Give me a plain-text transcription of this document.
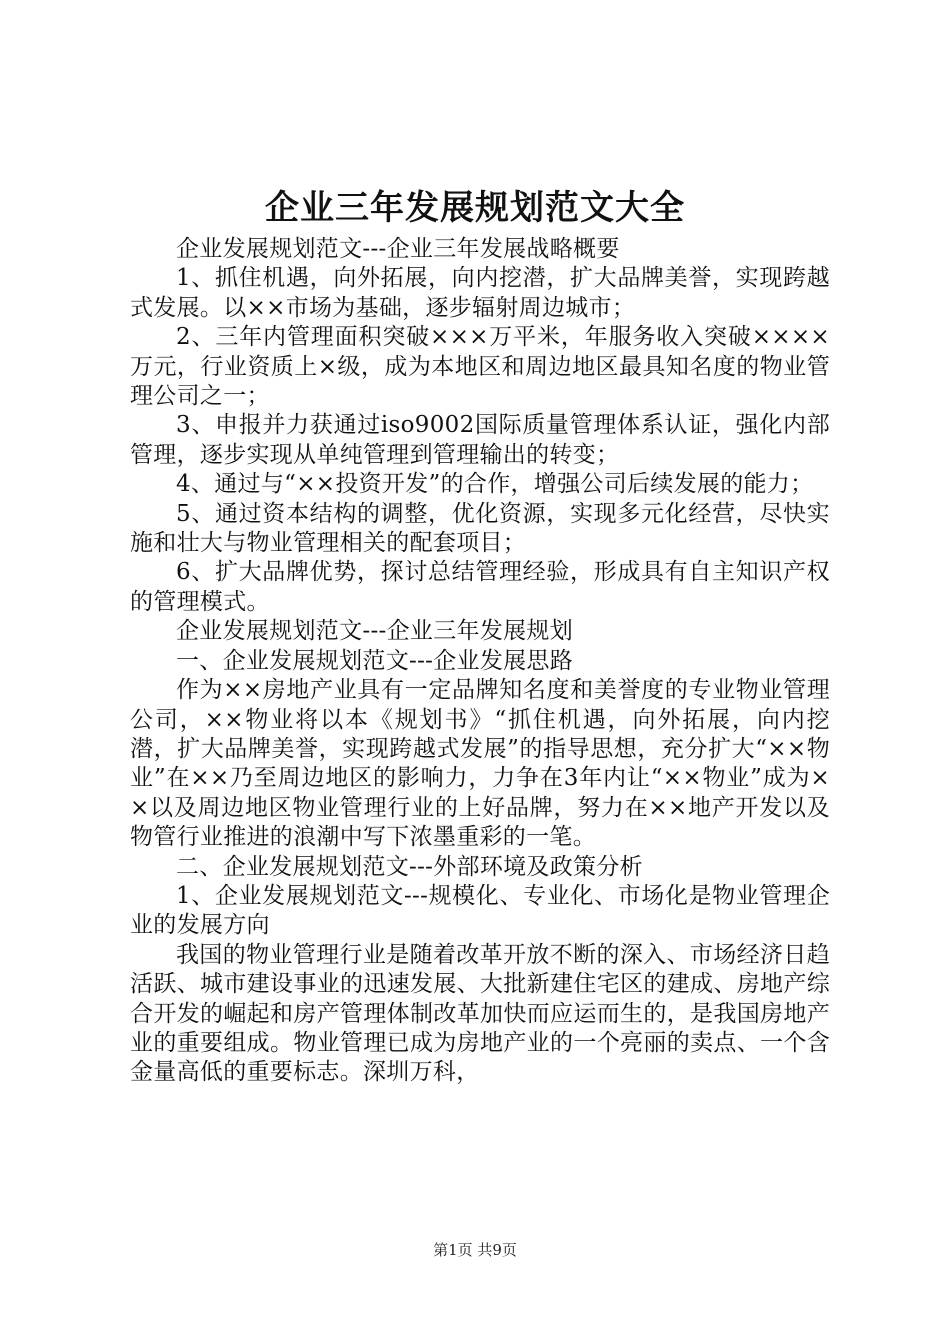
企业三年发展规划范文大全

企业发展规划范文---企业三年发展战略概要

1、抓住机遇，向外拓展，向内挖潜，扩大品牌美誉，实现跨越式发展。以××市场为基础，逐步辐射周边城市；

2、三年内管理面积突破×××万平米，年服务收入突破××××万元，行业资质上×级，成为本地区和周边地区最具知名度的物业管理公司之一；

3、申报并力获通过iso9002国际质量管理体系认证，强化内部管理，逐步实现从单纯管理到管理输出的转变；

4、通过与“××投资开发”的合作，增强公司后续发展的能力；

5、通过资本结构的调整，优化资源，实现多元化经营，尽快实施和壮大与物业管理相关的配套项目；

6、扩大品牌优势，探讨总结管理经验，形成具有自主知识产权的管理模式。

企业发展规划范文---企业三年发展规划

一、企业发展规划范文---企业发展思路

作为××房地产业具有一定品牌知名度和美誉度的专业物业管理公司，××物业将以本《规划书》“抓住机遇，向外拓展，向内挖潜，扩大品牌美誉，实现跨越式发展”的指导思想，充分扩大“××物业”在××乃至周边地区的影响力，力争在3年内让“××物业”成为××以及周边地区物业管理行业的上好品牌，努力在××地产开发以及物管行业推进的浪潮中写下浓墨重彩的一笔。

二、企业发展规划范文---外部环境及政策分析

1、企业发展规划范文---规模化、专业化、市场化是物业管理企业的发展方向

我国的物业管理行业是随着改革开放不断的深入、市场经济日趋活跃、城市建设事业的迅速发展、大批新建住宅区的建成、房地产综合开发的崛起和房产管理体制改革加快而应运而生的，是我国房地产业的重要组成。物业管理已成为房地产业的一个亮丽的卖点、一个含金量高低的重要标志。深圳万科，

第1页 共9页
